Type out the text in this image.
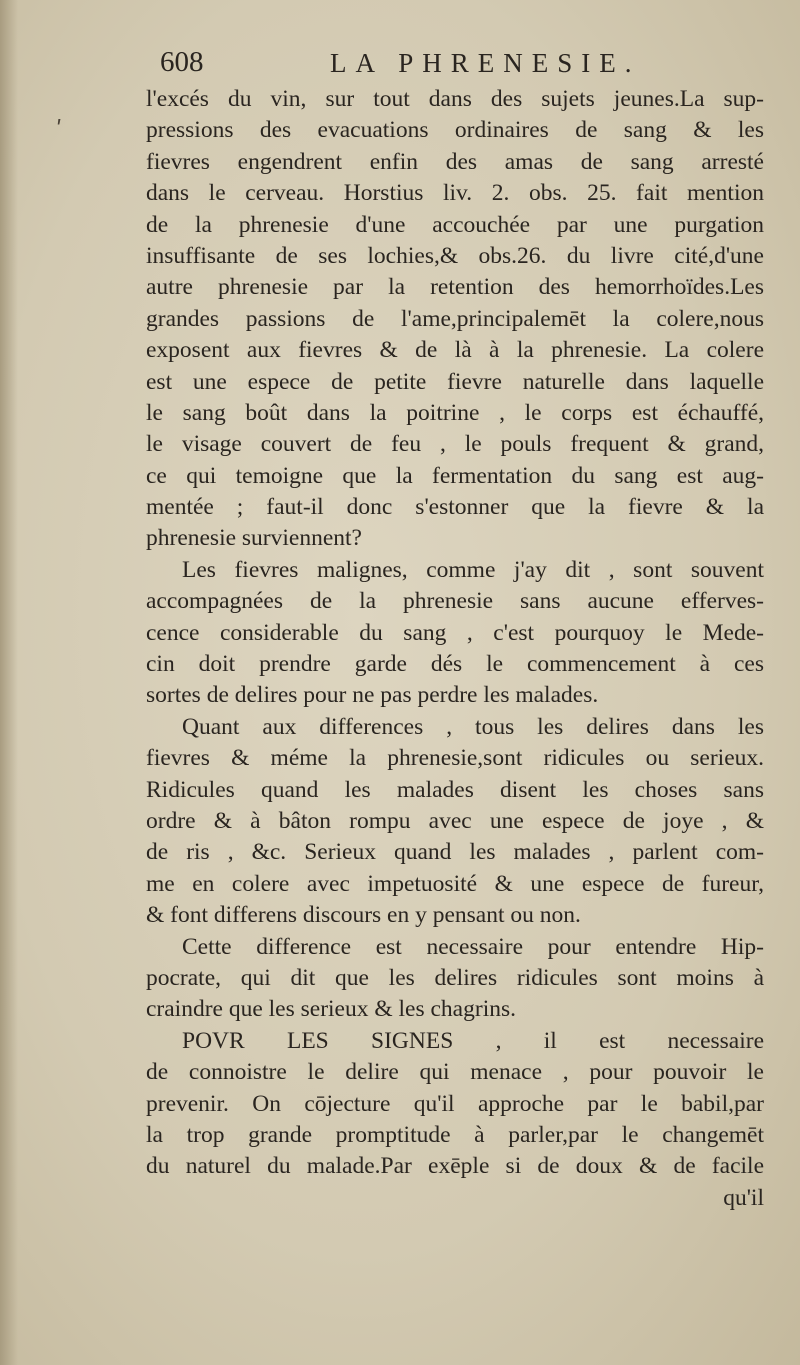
608	LA PHRENESIE.
ʹ
l'excés du vin, sur tout dans des sujets jeunes.La sup-
pressions des evacuations ordinaires de sang & les
fievres engendrent enfin des amas de sang arresté
dans le cerveau. Horstius liv. 2. obs. 25. fait mention
de la phrenesie d'une accouchée par une purgation
insuffisante de ses lochies,& obs.26. du livre cité,d'une
autre phrenesie par la retention des hemorrhoïdes.Les
grandes passions de l'ame,principalemēt la colere,nous
exposent aux fievres & de là à la phrenesie. La colere
est une espece de petite fievre naturelle dans laquelle
le sang boût dans la poitrine , le corps est échauffé,
le visage couvert de feu , le pouls frequent & grand,
ce qui temoigne que la fermentation du sang est aug-
mentée ; faut-il donc s'estonner que la fievre & la
phrenesie surviennent?
Les fievres malignes, comme j'ay dit , sont souvent
accompagnées de la phrenesie sans aucune efferves-
cence considerable du sang , c'est pourquoy le Mede-
cin doit prendre garde dés le commencement à ces
sortes de delires pour ne pas perdre les malades.
Quant aux differences , tous les delires dans les
fievres & méme la phrenesie,sont ridicules ou serieux.
Ridicules quand les malades disent les choses sans
ordre & à bâton rompu avec une espece de joye , &
de ris , &c. Serieux quand les malades , parlent com-
me en colere avec impetuosité & une espece de fureur,
& font differens discours en y pensant ou non.
Cette difference est necessaire pour entendre Hip-
pocrate, qui dit que les delires ridicules sont moins à
craindre que les serieux & les chagrins.
POVR LES SIGNES , il est necessaire
de connoistre le delire qui menace , pour pouvoir le
prevenir. On cōjecture qu'il approche par le babil,par
la trop grande promptitude à parler,par le changemēt
du naturel du malade.Par exēple si de doux & de facile
qu'il
